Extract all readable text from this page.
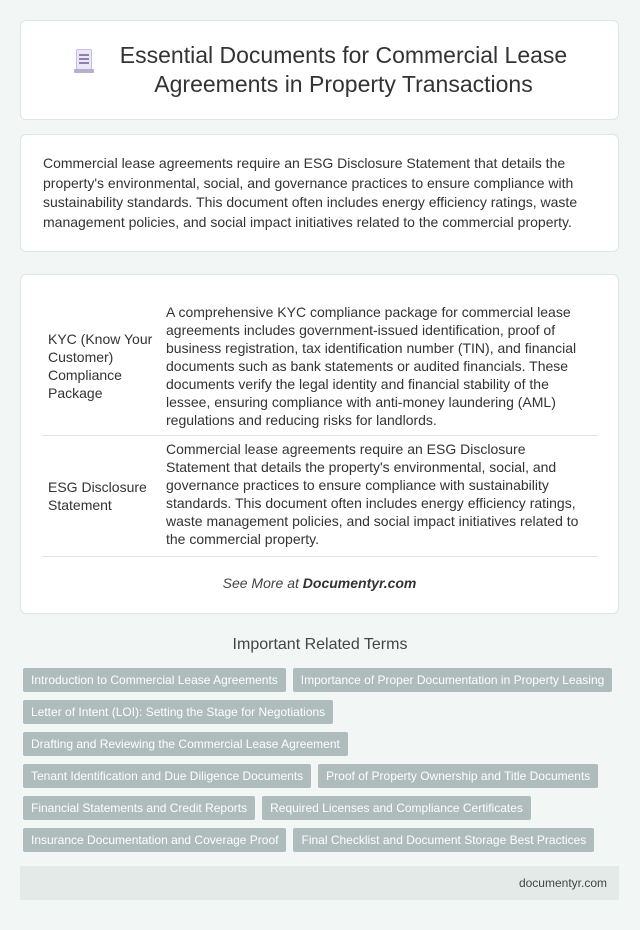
Essential Documents for Commercial Lease
Agreements in Property Transactions

Commercial lease agreements require an ESG Disclosure Statement that details the property's environmental, social, and governance practices to ensure compliance with sustainability standards. This document often includes energy efficiency ratings, waste management policies, and social impact initiatives related to the commercial property.

KYC (Know Your Customer) Compliance Package
A comprehensive KYC compliance package for commercial lease agreements includes government-issued identification, proof of business registration, tax identification number (TIN), and financial documents such as bank statements or audited financials. These documents verify the legal identity and financial stability of the lessee, ensuring compliance with anti-money laundering (AML) regulations and reducing risks for landlords.
ESG Disclosure Statement
Commercial lease agreements require an ESG Disclosure Statement that details the property's environmental, social, and governance practices to ensure compliance with sustainability standards. This document often includes energy efficiency ratings, waste management policies, and social impact initiatives related to the commercial property.
See More at Documentyr.com
Important Related Terms
Introduction to Commercial Lease Agreements	Importance of Proper Documentation in Property Leasing
Letter of Intent (LOI): Setting the Stage for Negotiations
Drafting and Reviewing the Commercial Lease Agreement
Tenant Identification and Due Diligence Documents	Proof of Property Ownership and Title Documents
Financial Statements and Credit Reports	Required Licenses and Compliance Certificates
Insurance Documentation and Coverage Proof	Final Checklist and Document Storage Best Practices
documentyr.com
